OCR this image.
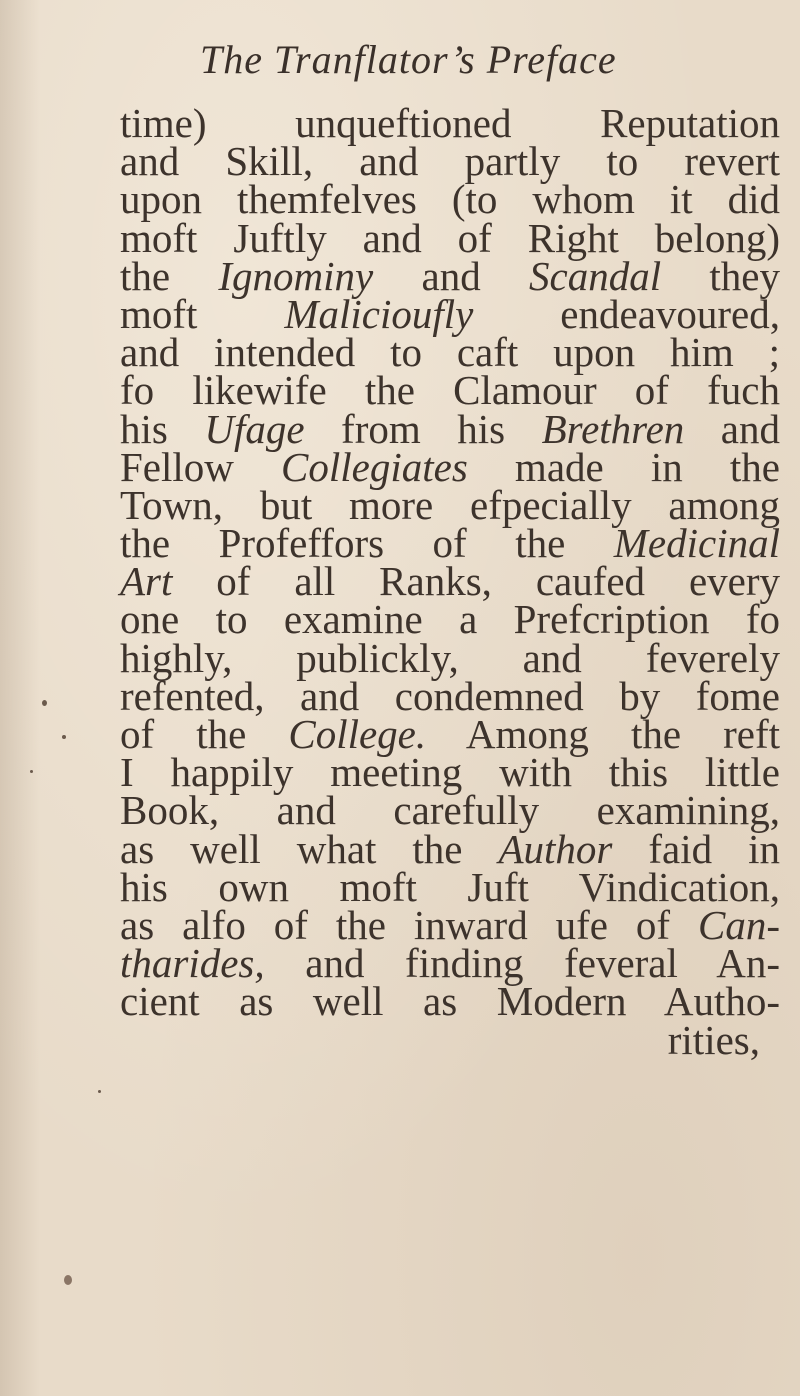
The Tranflator’s Preface
time) unqueftioned Reputation
and Skill, and partly to revert
upon themfelves (to whom it did
moft Juftly and of Right belong)
the Ignominy and Scandal they
moft Malicioufly endeavoured,
and intended to caft upon him ;
fo likewife the Clamour of fuch
his Ufage from his Brethren and
Fellow Collegiates made in the
Town, but more efpecially among
the Profeffors of the Medicinal
Art of all Ranks, caufed every
one to examine a Prefcription fo
highly, publickly, and feverely
refented, and condemned by fome
of the College. Among the reft
I happily meeting with this little
Book, and carefully examining,
as well what the Author faid in
his own moft Juft Vindication,
as alfo of the inward ufe of Can-
tharides, and finding feveral An-
cient as well as Modern Autho-
rities,
